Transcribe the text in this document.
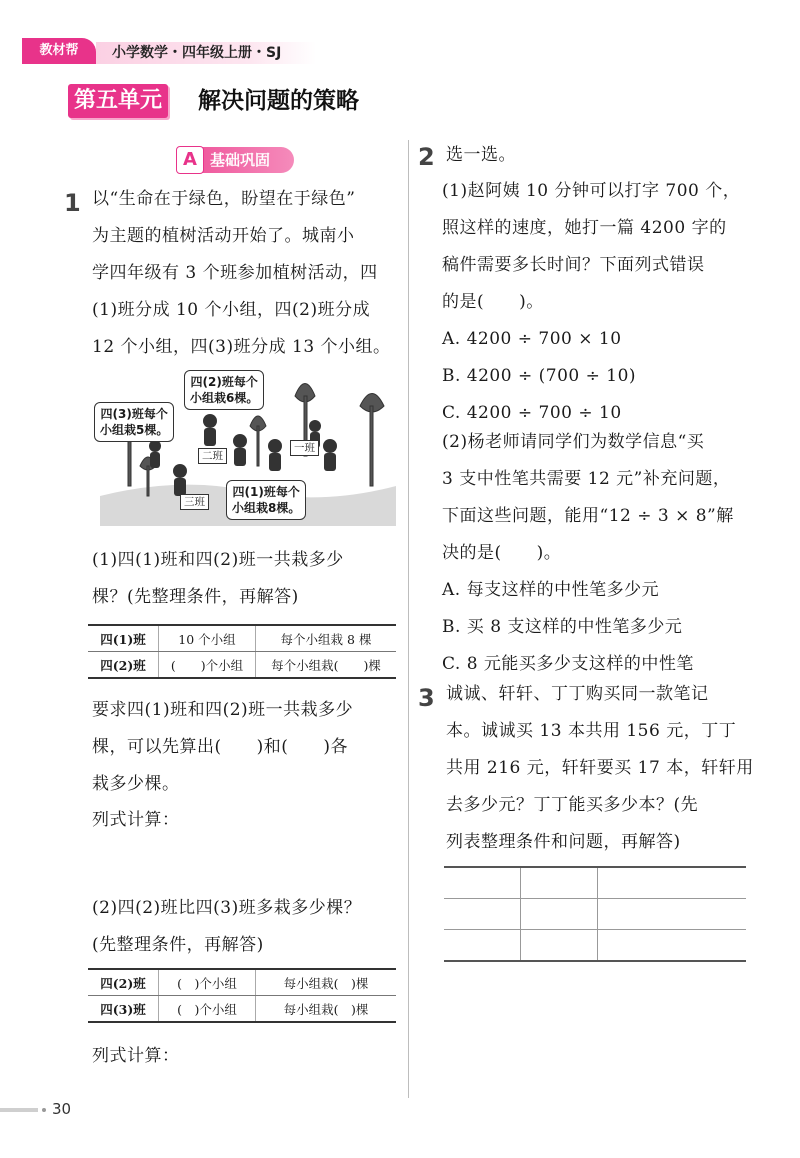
教材帮	小学数学・四年级上册・SJ
第五单元 解决问题的策略
A 基础巩固
1 以“生命在于绿色，盼望在于绿色”
为主题的植树活动开始了。城南小
学四年级有 3 个班参加植树活动，四
(1)班分成 10 个小组，四(2)班分成
12 个小组，四(3)班分成 13 个小组。
四(2)班每个
小组栽6棵。
四(3)班每个
小组栽5棵。
四(1)班每个
小组栽8棵。
一班
二班
三班
(1)四(1)班和四(2)班一共栽多少
棵？(先整理条件，再解答)
四(1)班	10 个小组	每个小组栽 8 棵
四(2)班	(　　)个小组	每个小组栽(　　)棵
要求四(1)班和四(2)班一共栽多少
棵，可以先算出(　　)和(　　)各
栽多少棵。
列式计算：
(2)四(2)班比四(3)班多栽多少棵？
(先整理条件，再解答)
四(2)班	(　)个小组	每小组栽(　)棵
四(3)班	(　)个小组	每小组栽(　)棵
列式计算：
2 选一选。
(1)赵阿姨 10 分钟可以打字 700 个，
照这样的速度，她打一篇 4200 字的
稿件需要多长时间？下面列式错误
的是(　　)。
A. 4200 ÷ 700 × 10
B. 4200 ÷ (700 ÷ 10)
C. 4200 ÷ 700 ÷ 10
(2)杨老师请同学们为数学信息“买
3 支中性笔共需要 12 元”补充问题，
下面这些问题，能用“12 ÷ 3 × 8”解
决的是(　　)。
A. 每支这样的中性笔多少元
B. 买 8 支这样的中性笔多少元
C. 8 元能买多少支这样的中性笔
3 诚诚、轩轩、丁丁购买同一款笔记
本。诚诚买 13 本共用 156 元，丁丁
共用 216 元，轩轩要买 17 本，轩轩用
去多少元？丁丁能买多少本？(先
列表整理条件和问题，再解答)

30
